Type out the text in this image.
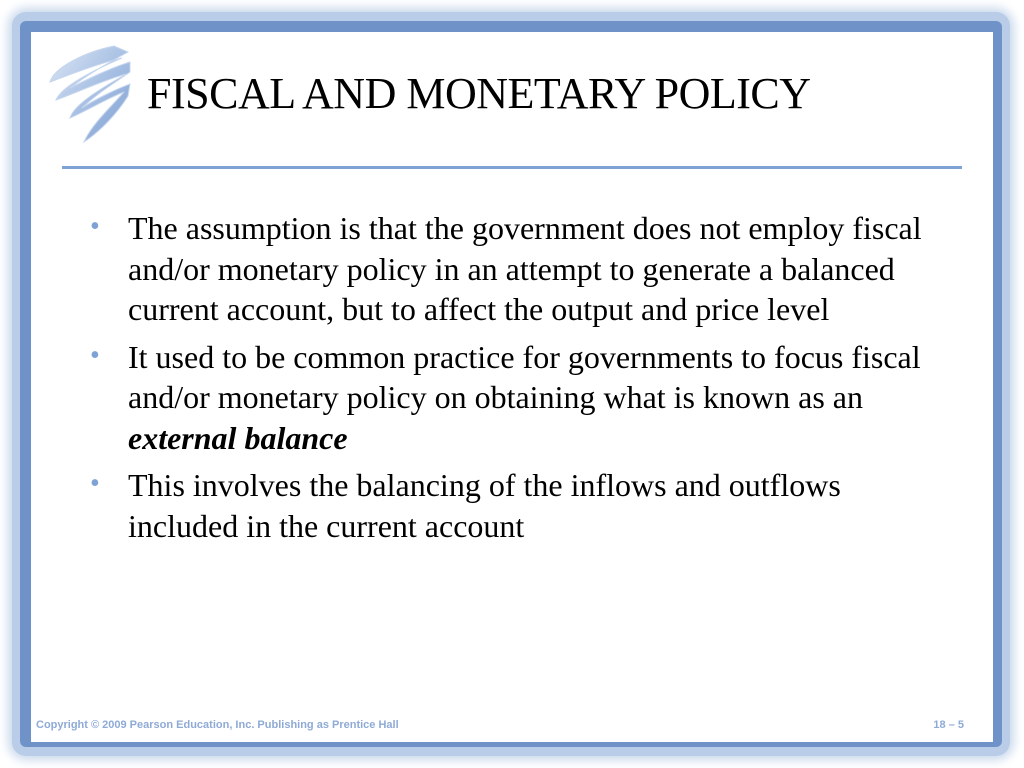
FISCAL AND MONETARY POLICY
• The assumption is that the government does not employ fiscal and/or monetary policy in an attempt to generate a balanced current account, but to affect the output and price level
• It used to be common practice for governments to focus fiscal and/or monetary policy on obtaining what is known as an external balance
• This involves the balancing of the inflows and outflows included in the current account
Copyright © 2009 Pearson Education, Inc. Publishing as Prentice Hall	18 – 5
